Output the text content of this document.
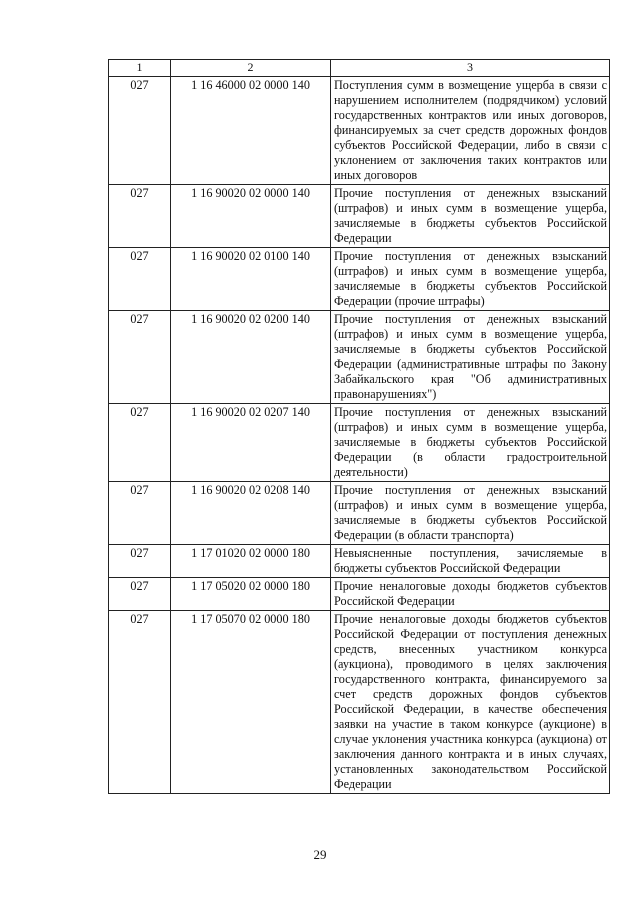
1	2	3
027	1 16 46000 02 0000 140	Поступления сумм в возмещение ущерба в связи с нарушением исполнителем (подрядчиком) условий государственных контрактов или иных договоров, финансируемых за счет средств дорожных фондов субъектов Российской Федерации, либо в связи с уклонением от заключения таких контрактов или иных договоров
027	1 16 90020 02 0000 140	Прочие поступления от денежных взысканий (штрафов) и иных сумм в возмещение ущерба, зачисляемые в бюджеты субъектов Российской Федерации
027	1 16 90020 02 0100 140	Прочие поступления от денежных взысканий (штрафов) и иных сумм в возмещение ущерба, зачисляемые в бюджеты субъектов Российской Федерации (прочие штрафы)
027	1 16 90020 02 0200 140	Прочие поступления от денежных взысканий (штрафов) и иных сумм в возмещение ущерба, зачисляемые в бюджеты субъектов Российской Федерации (административные штрафы по Закону Забайкальского края "Об административных правонарушениях")
027	1 16 90020 02 0207 140	Прочие поступления от денежных взысканий (штрафов) и иных сумм в возмещение ущерба, зачисляемые в бюджеты субъектов Российской Федерации (в области градостроительной деятельности)
027	1 16 90020 02 0208 140	Прочие поступления от денежных взысканий (штрафов) и иных сумм в возмещение ущерба, зачисляемые в бюджеты субъектов Российской Федерации (в области транспорта)
027	1 17 01020 02 0000 180	Невыясненные поступления, зачисляемые в бюджеты субъектов Российской Федерации
027	1 17 05020 02 0000 180	Прочие неналоговые доходы бюджетов субъектов Российской Федерации
027	1 17 05070 02 0000 180	Прочие неналоговые доходы бюджетов субъектов Российской Федерации от поступления денежных средств, внесенных участником конкурса (аукциона), проводимого в целях заключения государственного контракта, финансируемого за счет средств дорожных фондов субъектов Российской Федерации, в качестве обеспечения заявки на участие в таком конкурсе (аукционе) в случае уклонения участника конкурса (аукциона) от заключения данного контракта и в иных случаях, установленных законодательством Российской Федерации
29
